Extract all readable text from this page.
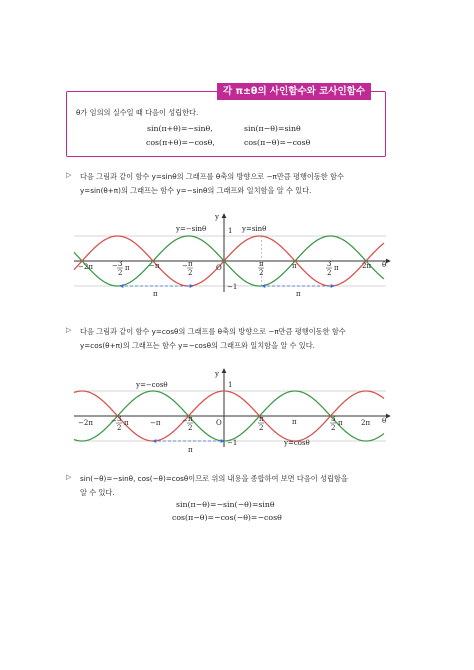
각 π±θ의 사인함수와 코사인함수
θ가 임의의 실수일 때 다음이 성립한다.
sin(π+θ)=−sinθ,	sin(π−θ)=sinθ
cos(π+θ)=−cosθ,	cos(π−θ)=−cosθ
▷ 다음 그림과 같이 함수 y=sinθ의 그래프를 θ축의 방향으로 −π만큼 평행이동한 함수
y=sin(θ+π)의 그래프는 함수 y=−sinθ의 그래프와 일치함을 알 수 있다.
▷ 다음 그림과 같이 함수 y=cosθ의 그래프를 θ축의 방향으로 −π만큼 평행이동한 함수
y=cos(θ+π)의 그래프는 함수 y=−cosθ의 그래프와 일치함을 알 수 있다.
▷ sin(−θ)=−sinθ, cos(−θ)=cosθ이므로 위의 내용을 종합하여 보면 다음이 성립함을
알 수 있다.
sin(π−θ)=−sin(−θ)=sinθ
cos(π−θ)=−cos(−θ)=−cosθ
y=−sinθ	y=sinθ
y
θ
O
1
−1
−2π	−π	2π
π
− 3
2
π	− π
2
π
2
3
2
π
π	π
y=−cosθ
y=cosθ
y
θ
O
1
−1
−2π	−π	2π
π
− 3
2
π	− π
2
π
2
3
2
π
π
